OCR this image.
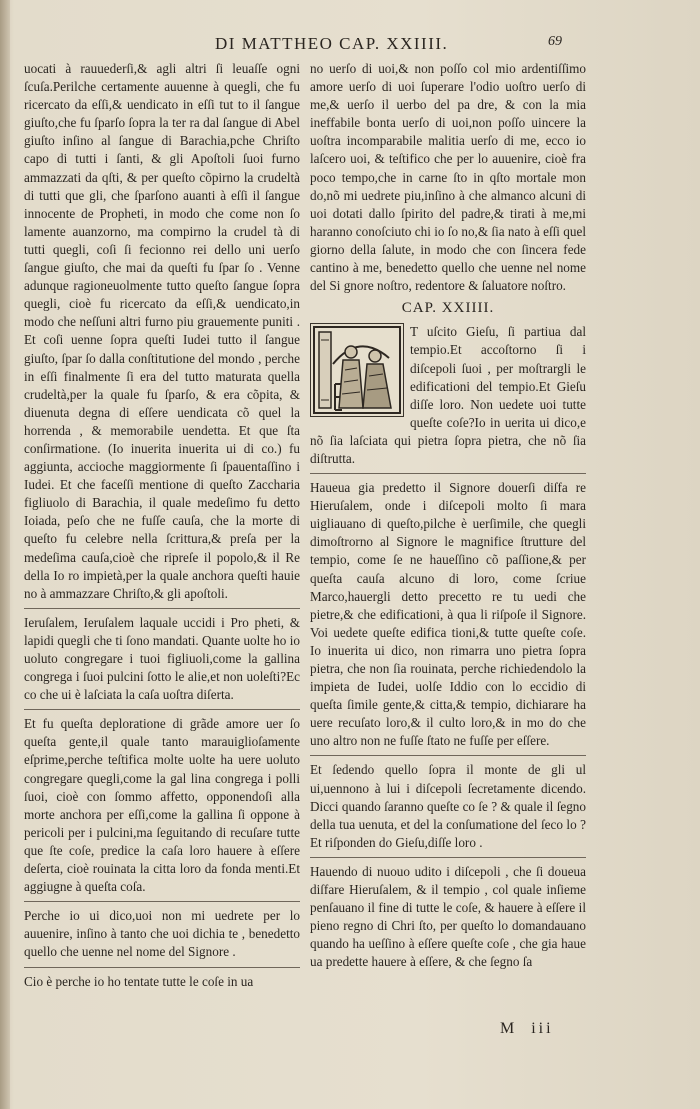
DI MATTHEO CAP. XXIIII.	69

uocati à rauuederſi,& agli altri ſi leuaſſe ogni ſcuſa.Perilche certamente auuenne à quegli, che fu ricercato da eſſi,& uendicato in eſſi tut to il ſangue giuſto,che fu ſparſo ſopra la ter ra dal ſangue di Abel giuſto inſino al ſangue di Barachia,pche Chriſto capo di tutti i ſanti, & gli Apoſtoli ſuoi furno ammazzati da qſti, & per queſto cõpirno la crudeltà di tutti que gli, che ſparſono auanti à eſſi il ſangue innocente de Propheti, in modo che come non ſo lamente auanzorno, ma compirno la crudel tà di tutti quegli, coſi ſi fecionno rei dello uni uerſo ſangue giuſto, che mai da queſti fu ſpar ſo . Venne adunque ragioneuolmente tutto queſto ſangue ſopra quegli, cioè fu ricercato da eſſi,& uendicato,in modo che neſſuni altri furno piu grauemente puniti . Et coſi uenne ſopra queſti Iudei tutto il ſangue giuſto, ſpar ſo dalla conſtitutione del mondo , perche in eſſi finalmente ſi era del tutto maturata quella crudeltà,per la quale fu ſparſo, & era cõpita, & diuenuta degna di eſſere uendicata cõ quel la horrenda , & memorabile uendetta. Et que ſta conſirmatione. (Io inuerita inuerita ui di co.) fu aggiunta, accioche maggiormente ſi ſpauentaſſino i Iudei. Et che faceſſi mentione di queſto Zaccharia figliuolo di Barachia, il quale medeſimo fu detto Ioiada, peſo che ne fuſſe cauſa, che la morte di queſto fu celebre nella ſcrittura,& preſa per la medeſima cauſa,cioè che ripreſe il popolo,& il Re della Io ro impietà,per la quale anchora queſti hauie no à ammazzare Chriſto,& gli apoſtoli.

Ieruſalem, Ieruſalem laquale uccidi i Pro pheti, & lapidi quegli che ti ſono mandati. Quante uolte ho io uoluto congregare i tuoi figliuoli,come la gallina congrega i ſuoi pulcini ſotto le alie,et non uoleſti?Ec co che ui è laſciata la caſa uoſtra diſerta.

Et fu queſta deploratione di grãde amore uer ſo queſta gente,il quale tanto marauiglioſamente eſprime,perche teſtifica molte uolte ha uere uoluto congregare quegli,come la gal lina congrega i polli ſuoi, cioè con ſommo affetto, opponendoſi alla morte anchora per eſſi,come la gallina ſi oppone à pericoli per i pulcini,ma ſeguitando di recuſare tutte que ſte coſe, predice la caſa loro hauere à eſſere deſerta, cioè rouinata la citta loro da fonda menti.Et aggiugne à queſta coſa.

Perche io ui dico,uoi non mi uedrete per lo auuenire, inſino à tanto che uoi dichia te , benedetto quello che uenne nel nome del Signore .

Cio è perche io ho tentate tutte le coſe in ua

no uerſo di uoi,& non poſſo col mio ardentiſſimo amore uerſo di uoi ſuperare l'odio uoſtro uerſo di me,& uerſo il uerbo del pa dre, & con la mia ineffabile bonta uerſo di uoi,non poſſo uincere la uoſtra incomparabile malitia uerſo di me, ecco io laſcero uoi, & teſtifico che per lo auuenire, cioè fra poco tempo,che in carne ſto in qſto mortale mon do,nõ mi uedrete piu,inſino à che almanco alcuni di uoi dotati dallo ſpirito del padre,& tirati à me,mi haranno conoſciuto chi io ſo no,& ſia nato à eſſi quel giorno della ſalute, in modo che con ſincera fede cantino à me, benedetto quello che uenne nel nome del Si gnore noſtro, redentore & ſaluatore noſtro.

CAP. XXIIII.

T uſcito Gieſu, ſi partiua dal tempio.Et accoſtorno ſi i diſcepoli ſuoi , per moſtrargli le edificationi del tempio.Et Gieſu diſſe loro. Non uedete uoi tutte queſte coſe?Io in uerita ui dico,e nõ ſia laſciata qui pietra ſopra pietra, che nõ ſia diſtrutta.

Haueua gia predetto il Signore douerſi diſfa re Hieruſalem, onde i diſcepoli molto ſi mara uigliauano di queſto,pilche è uerſimile, che quegli dimoſtrorno al Signore le magnifice ſtrutture del tempio, come ſe ne haueſſino cõ paſſione,& per queſta cauſa alcuno di loro, come ſcriue Marco,hauergli detto precetto re tu uedi che pietre,& che edificationi, à qua li riſpoſe il Signore. Voi uedete queſte edifica tioni,& tutte queſte coſe. Io inuerita ui dico, non rimarra uno pietra ſopra pietra, che non ſia rouinata, perche richiedendolo la impieta de Iudei, uolſe Iddio con lo eccidio di queſta ſimile gente,& citta,& tempio, dichiarare ha uere recuſato loro,& il culto loro,& in mo do che uno altro non ne fuſſe ſtato ne fuſſe per eſſere.

Et ſedendo quello ſopra il monte de gli ul ui,uennono à lui i diſcepoli ſecretamente dicendo. Dicci quando ſaranno queſte co ſe ? & quale il ſegno della tua uenuta, et del la conſumatione del ſeco lo ? Et riſponden do Gieſu,diſſe loro .

Hauendo di nuouo udito i diſcepoli , che ſi doueua diſfare Hieruſalem, & il tempio , col quale inſieme penſauano il fine di tutte le coſe, & hauere à eſſere il pieno regno di Chri ſto, per queſto lo domandauano quando ha ueſſino à eſſere queſte coſe , che gia haue ua predette hauere à eſſere, & che ſegno ſa

M iii
